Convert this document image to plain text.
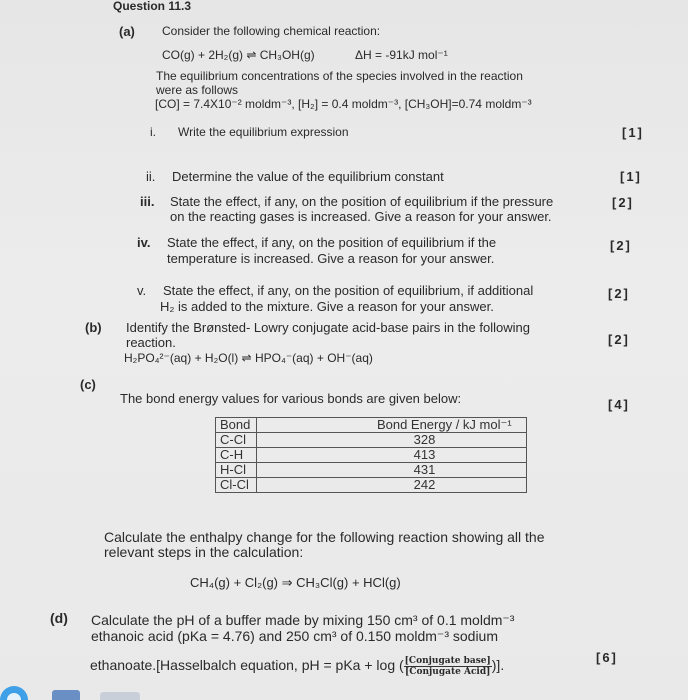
Question 11.3
(a) Consider the following chemical reaction:
CO(g) + 2H₂(g) ⇌ CH₃OH(g)	ΔH = -91kJ mol⁻¹
The equilibrium concentrations of the species involved in the reaction
were as follows
[CO] = 7.4X10⁻² moldm⁻³, [H₂] = 0.4 moldm⁻³, [CH₃OH]=0.74 moldm⁻³
i. Write the equilibrium expression	[1]
ii. Determine the value of the equilibrium constant	[1]
iii. State the effect, if any, on the position of equilibrium if the pressure
on the reacting gases is increased. Give a reason for your answer.
[2]
iv. State the effect, if any, on the position of equilibrium if the
temperature is increased. Give a reason for your answer.
[2]
v. State the effect, if any, on the position of equilibrium, if additional
H₂ is added to the mixture. Give a reason for your answer.
[2]
(b) Identify the Brønsted- Lowry conjugate acid-base pairs in the following
reaction.	[2]
H₂PO₄²⁻(aq) + H₂O(l) ⇌ HPO₄⁻(aq) + OH⁻(aq)
(c)
The bond energy values for various bonds are given below:	[4]
Bond	Bond Energy / kJ mol⁻¹
C-Cl	328
C-H	413
H-Cl	431
Cl-Cl	242
Calculate the enthalpy change for the following reaction showing all the
relevant steps in the calculation:
CH₄(g) + Cl₂(g) ⇒ CH₃Cl(g) + HCl(g)
(d) Calculate the pH of a buffer made by mixing 150 cm³ of 0.1 moldm⁻³
ethanoic acid (pKa = 4.76) and 250 cm³ of 0.150 moldm⁻³ sodium
[6]
ethanoate.[Hasselbalch equation, pH = pKa + log ( $\frac{\text{[Conjugate base]}}{\text{[Conjugate Acid]}}$ )].
